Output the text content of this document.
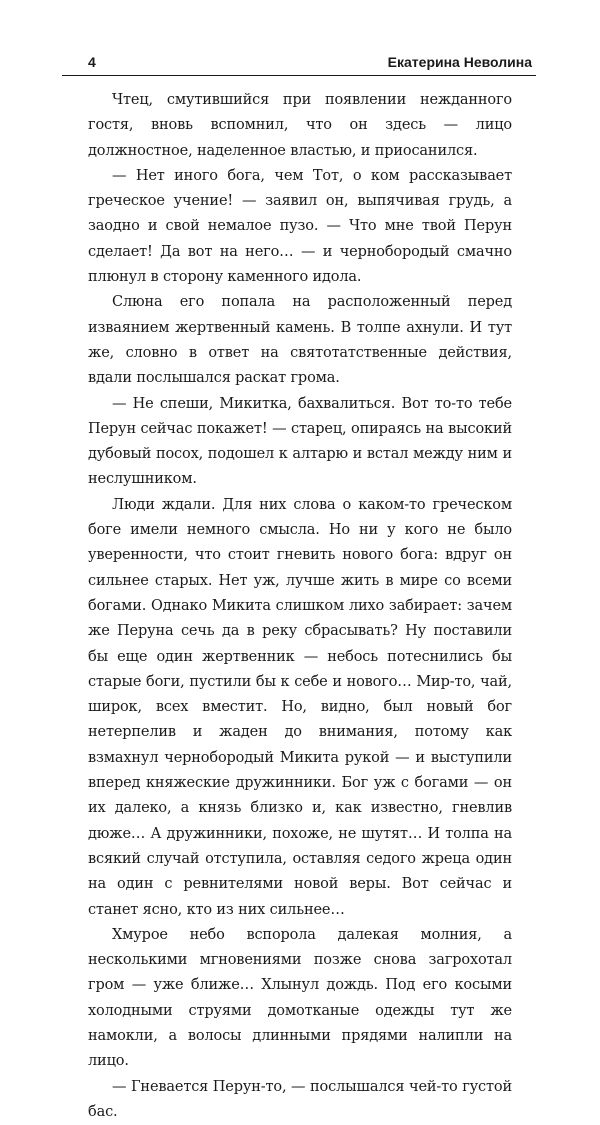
4	Екатерина Неволина

Чтец, смутившийся при появлении нежданного гостя, вновь вспомнил, что он здесь — лицо должностное, наделенное властью, и приосанился.

— Нет иного бога, чем Тот, о ком рассказывает греческое учение! — заявил он, выпячивая грудь, а заодно и свой немалое пузо. — Что мне твой Перун сделает! Да вот на него… — и чернобородый смачно плюнул в сторону каменного идола.

Слюна его попала на расположенный перед изваянием жертвенный камень. В толпе ахнули. И тут же, словно в ответ на святотатственные действия, вдали послышался раскат грома.

— Не спеши, Микитка, бахвалиться. Вот то-то тебе Перун сейчас покажет! — старец, опираясь на высокий дубовый посох, подошел к алтарю и встал между ним и неслушником.

Люди ждали. Для них слова о каком-то греческом боге имели немного смысла. Но ни у кого не было уверенности, что стоит гневить нового бога: вдруг он сильнее старых. Нет уж, лучше жить в мире со всеми богами. Однако Микита слишком лихо забирает: зачем же Перуна сечь да в реку сбрасывать? Ну поставили бы еще один жертвенник — небось потеснились бы старые боги, пустили бы к себе и нового… Мир-то, чай, широк, всех вместит. Но, видно, был новый бог нетерпелив и жаден до внимания, потому как взмахнул чернобородый Микита рукой — и выступили вперед княжеские дружинники. Бог уж с богами — он их далеко, а князь близко и, как известно, гневлив дюже… А дружинники, похоже, не шутят… И толпа на всякий случай отступила, оставляя седого жреца один на один с ревнителями новой веры. Вот сейчас и станет ясно, кто из них сильнее…

Хмурое небо вспорола далекая молния, а несколькими мгновениями позже снова загрохотал гром — уже ближе… Хлынул дождь. Под его косыми холодными струями домотканые одежды тут же намокли, а волосы длинными прядями налипли на лицо.

— Гневается Перун-то, — послышался чей-то густой бас.
